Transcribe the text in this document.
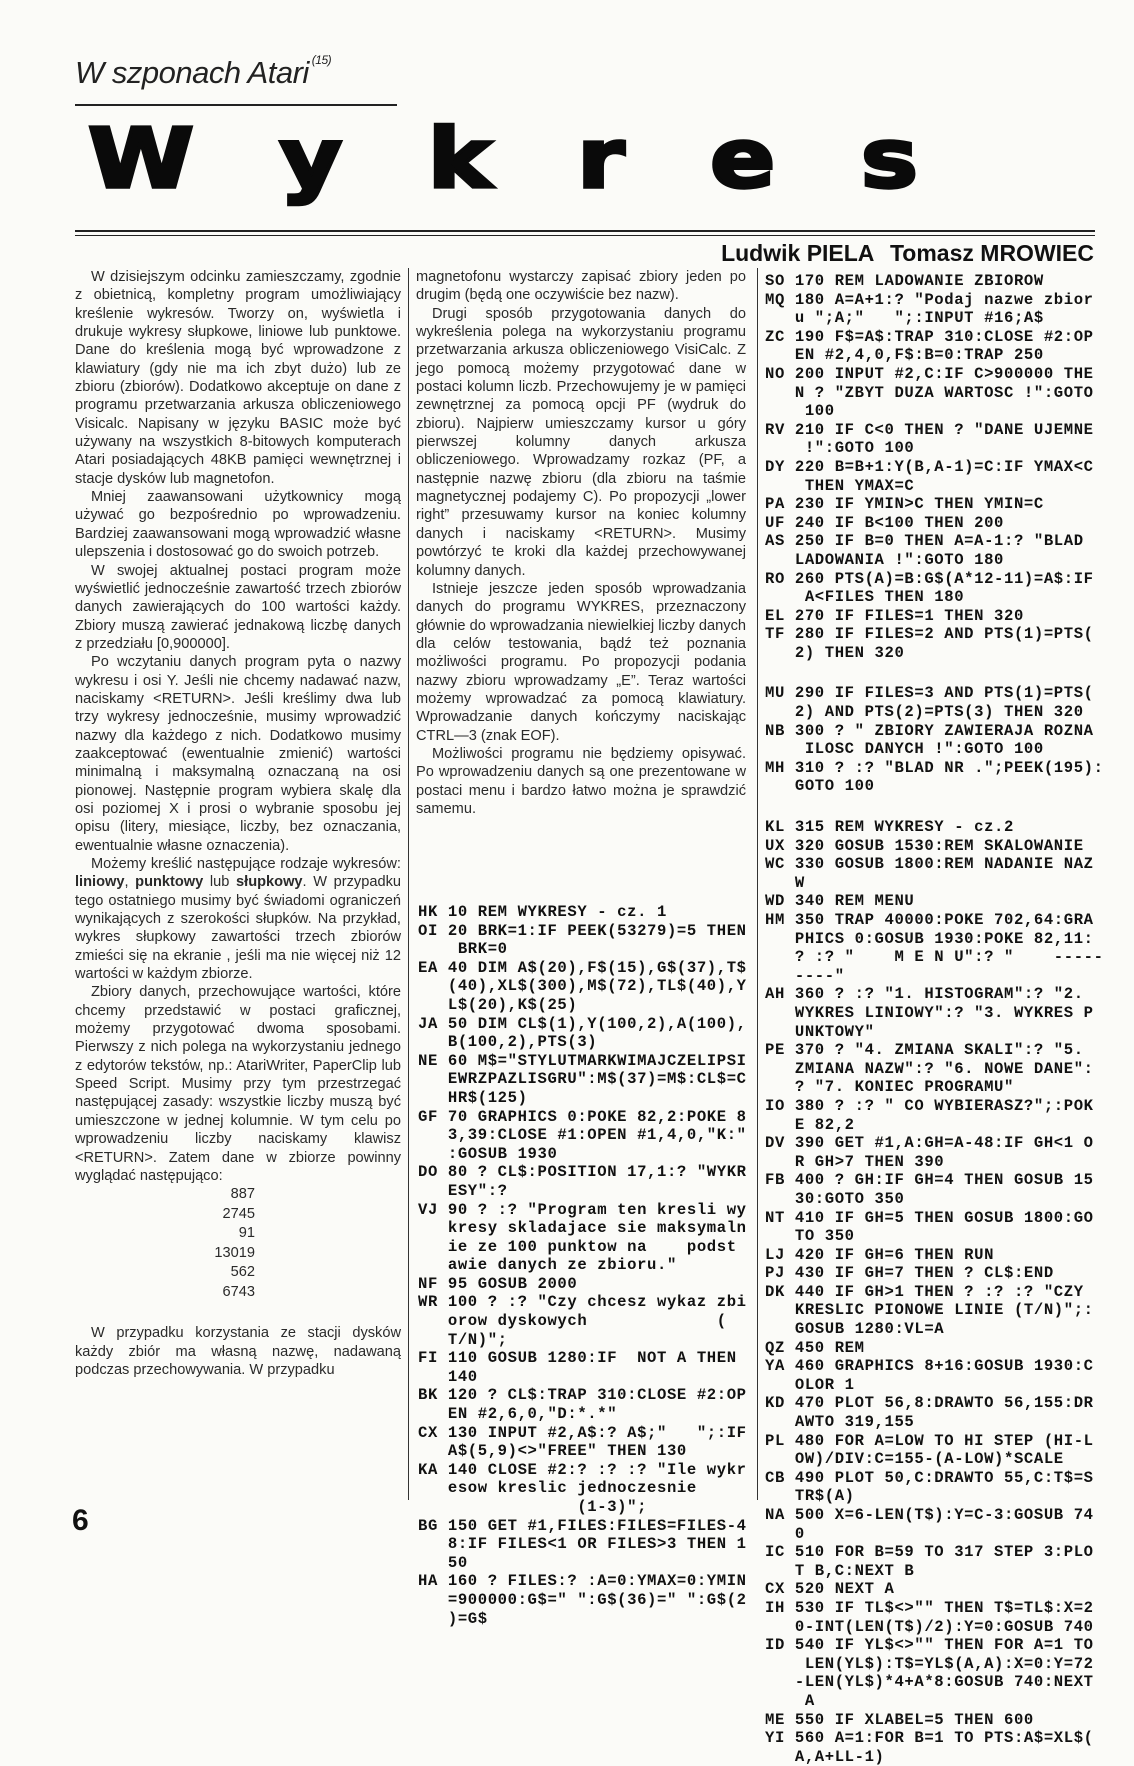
W szponach Atari $^{(15)}$
W y k r e s
Ludwik PIELA Tomasz MROWIEC

W dzisiejszym odcinku zamieszczamy, zgodnie z obietnicą, kompletny program umożliwiający kreślenie wykresów. Tworzy on, wyświetla i drukuje wykresy słupkowe, liniowe lub punktowe. Dane do kreślenia mogą być wprowadzone z klawiatury (gdy nie ma ich zbyt dużo) lub ze zbioru (zbiorów). Dodatkowo akceptuje on dane z programu przetwarzania arkusza obliczeniowego Visicalc. Napisany w języku BASIC może być używany na wszystkich 8-bitowych komputerach Atari posiadających 48KB pamięci wewnętrznej i stacje dysków lub magnetofon.

Mniej zaawansowani użytkownicy mogą używać go bezpośrednio po wprowadzeniu. Bardziej zaawansowani mogą wprowadzić własne ulepszenia i dostosować go do swoich potrzeb.

W swojej aktualnej postaci program może wyświetlić jednocześnie zawartość trzech zbiorów danych zawierających do 100 wartości każdy. Zbiory muszą zawierać jednakową liczbę danych z przedziału [0,900000].

Po wczytaniu danych program pyta o nazwy wykresu i osi Y. Jeśli nie chcemy nadawać nazw, naciskamy <RETURN>. Jeśli kreślimy dwa lub trzy wykresy jednocześnie, musimy wprowadzić nazwy dla każdego z nich. Dodatkowo musimy zaakceptować (ewentualnie zmienić) wartości minimalną i maksymalną oznaczaną na osi pionowej. Następnie program wybiera skalę dla osi poziomej X i prosi o wybranie sposobu jej opisu (litery, miesiące, liczby, bez oznaczania, ewentualnie własne oznaczenia).

Możemy kreślić następujące rodzaje wykresów: liniowy, punktowy lub słupkowy. W przypadku tego ostatniego musimy być świadomi ograniczeń wynikających z szerokości słupków. Na przykład, wykres słupkowy zawartości trzech zbiorów zmieści się na ekranie , jeśli ma nie więcej niż 12 wartości w każdym zbiorze.

Zbiory danych, przechowujące wartości, które chcemy przedstawić w postaci graficznej, możemy przygotować dwoma sposobami. Pierwszy z nich polega na wykorzystaniu jednego z edytorów tekstów, np.: AtariWriter, PaperClip lub Speed Script. Musimy przy tym przestrzegać następującej zasady: wszystkie liczby muszą być umieszczone w jednej kolumnie. W tym celu po wprowadzeniu liczby naciskamy klawisz <RETURN>. Zatem dane w zbiorze powinny wyglądać następująco:

887
2745
91
13019
562
6743

W przypadku korzystania ze stacji dysków każdy zbiór ma własną nazwę, nadawaną podczas przechowywania. W przypadku

magnetofonu wystarczy zapisać zbiory jeden po drugim (będą one oczywiście bez nazw).

Drugi sposób przygotowania danych do wykreślenia polega na wykorzystaniu programu przetwarzania arkusza obliczeniowego VisiCalc. Z jego pomocą możemy przygotować dane w postaci kolumn liczb. Przechowujemy je w pamięci zewnętrznej za pomocą opcji PF (wydruk do zbioru). Najpierw umieszczamy kursor u góry pierwszej kolumny danych arkusza obliczeniowego. Wprowadzamy rozkaz (PF, a następnie nazwę zbioru (dla zbioru na taśmie magnetycznej podajemy C). Po propozycji „lower right” przesuwamy kursor na koniec kolumny danych i naciskamy <RETURN>. Musimy powtórzyć te kroki dla każdej przechowywanej kolumny danych.

Istnieje jeszcze jeden sposób wprowadzania danych do programu WYKRES, przeznaczony głównie do wprowadzania niewielkiej liczby danych dla celów testowania, bądź też poznania możliwości programu. Po propozycji podania nazwy zbioru wprowadzamy „E”. Teraz wartości możemy wprowadzać za pomocą klawiatury. Wprowadzanie danych kończymy naciskając CTRL—3 (znak EOF).

Możliwości programu nie będziemy opisywać. Po wprowadzeniu danych są one prezentowane w postaci menu i bardzo łatwo można je sprawdzić samemu.

HK 10 REM WYKRESY - cz. 1
OI 20 BRK=1:IF PEEK(53279)=5 THEN
BRK=0
EA 40 DIM A$(20),F$(15),G$(37),T$
(40),XL$(300),M$(72),TL$(40),Y
L$(20),K$(25)
JA 50 DIM CL$(1),Y(100,2),A(100),
B(100,2),PTS(3)
NE 60 M$="STYLUTMARKWIMAJCZELIPSI
EWRZPAZLISGRU":M$(37)=M$:CL$=C
HR$(125)
GF 70 GRAPHICS 0:POKE 82,2:POKE 8
3,39:CLOSE #1:OPEN #1,4,0,"K:"
:GOSUB 1930
DO 80 ? CL$:POSITION 17,1:? "WYKR
ESY":?
VJ 90 ? :? "Program ten kresli wy
kresy skladajace sie maksymaln
ie ze 100 punktow na    podst
awie danych ze zbioru."
NF 95 GOSUB 2000
WR 100 ? :? "Czy chcesz wykaz zbi
orow dyskowych             (
T/N)";
FI 110 GOSUB 1280:IF  NOT A THEN
140
BK 120 ? CL$:TRAP 310:CLOSE #2:OP
EN #2,6,0,"D:*.*"
CX 130 INPUT #2,A$:? A$;"   ";:IF
A$(5,9)<>"FREE" THEN 130
KA 140 CLOSE #2:? :? :? "Ile wykr
esow kreslic jednoczesnie
(1-3)";
BG 150 GET #1,FILES:FILES=FILES-4
8:IF FILES<1 OR FILES>3 THEN 1
50
HA 160 ? FILES:? :A=0:YMAX=0:YMIN
=900000:G$=" ":G$(36)=" ":G$(2
)=G$
SO 170 REM LADOWANIE ZBIOROW
MQ 180 A=A+1:? "Podaj nazwe zbior
u ";A;"   ";:INPUT #16;A$
ZC 190 F$=A$:TRAP 310:CLOSE #2:OP
EN #2,4,0,F$:B=0:TRAP 250
NO 200 INPUT #2,C:IF C>900000 THE
N ? "ZBYT DUZA WARTOSC !":GOTO
100
RV 210 IF C<0 THEN ? "DANE UJEMNE
!":GOTO 100
DY 220 B=B+1:Y(B,A-1)=C:IF YMAX<C
THEN YMAX=C
PA 230 IF YMIN>C THEN YMIN=C
UF 240 IF B<100 THEN 200
AS 250 IF B=0 THEN A=A-1:? "BLAD
LADOWANIA !":GOTO 180
RO 260 PTS(A)=B:G$(A*12-11)=A$:IF
A<FILES THEN 180
EL 270 IF FILES=1 THEN 320
TF 280 IF FILES=2 AND PTS(1)=PTS(
2) THEN 320
MU 290 IF FILES=3 AND PTS(1)=PTS(
2) AND PTS(2)=PTS(3) THEN 320
NB 300 ? " ZBIORY ZAWIERAJA ROZNA
ILOSC DANYCH !":GOTO 100
MH 310 ? :? "BLAD NR .";PEEK(195):
GOTO 100
KL 315 REM WYKRESY - cz.2
UX 320 GOSUB 1530:REM SKALOWANIE
WC 330 GOSUB 1800:REM NADANIE NAZ
W
WD 340 REM MENU
HM 350 TRAP 40000:POKE 702,64:GRA
PHICS 0:GOSUB 1930:POKE 82,11:
? :? "    M E N U":? "    -----
----"
AH 360 ? :? "1. HISTOGRAM":? "2.
WYKRES LINIOWY":? "3. WYKRES P
UNKTOWY"
PE 370 ? "4. ZMIANA SKALI":? "5.
ZMIANA NAZW":? "6. NOWE DANE":
? "7. KONIEC PROGRAMU"
IO 380 ? :? " CO WYBIERASZ?";:POK
E 82,2
DV 390 GET #1,A:GH=A-48:IF GH<1 O
R GH>7 THEN 390
FB 400 ? GH:IF GH=4 THEN GOSUB 15
30:GOTO 350
NT 410 IF GH=5 THEN GOSUB 1800:GO
TO 350
LJ 420 IF GH=6 THEN RUN
PJ 430 IF GH=7 THEN ? CL$:END
DK 440 IF GH>1 THEN ? :? :? "CZY
KRESLIC PIONOWE LINIE (T/N)";:
GOSUB 1280:VL=A
QZ 450 REM
YA 460 GRAPHICS 8+16:GOSUB 1930:C
OLOR 1
KD 470 PLOT 56,8:DRAWTO 56,155:DR
AWTO 319,155
PL 480 FOR A=LOW TO HI STEP (HI-L
OW)/DIV:C=155-(A-LOW)*SCALE
CB 490 PLOT 50,C:DRAWTO 55,C:T$=S
TR$(A)
NA 500 X=6-LEN(T$):Y=C-3:GOSUB 74
0
IC 510 FOR B=59 TO 317 STEP 3:PLO
T B,C:NEXT B
CX 520 NEXT A
IH 530 IF TL$<>"" THEN T$=TL$:X=2
0-INT(LEN(T$)/2):Y=0:GOSUB 740
ID 540 IF YL$<>"" THEN FOR A=1 TO
LEN(YL$):T$=YL$(A,A):X=0:Y=72
-LEN(YL$)*4+A*8:GOSUB 740:NEXT
A
ME 550 IF XLABEL=5 THEN 600
YI 560 A=1:FOR B=1 TO PTS:A$=XL$(
A,A+LL-1)
6
